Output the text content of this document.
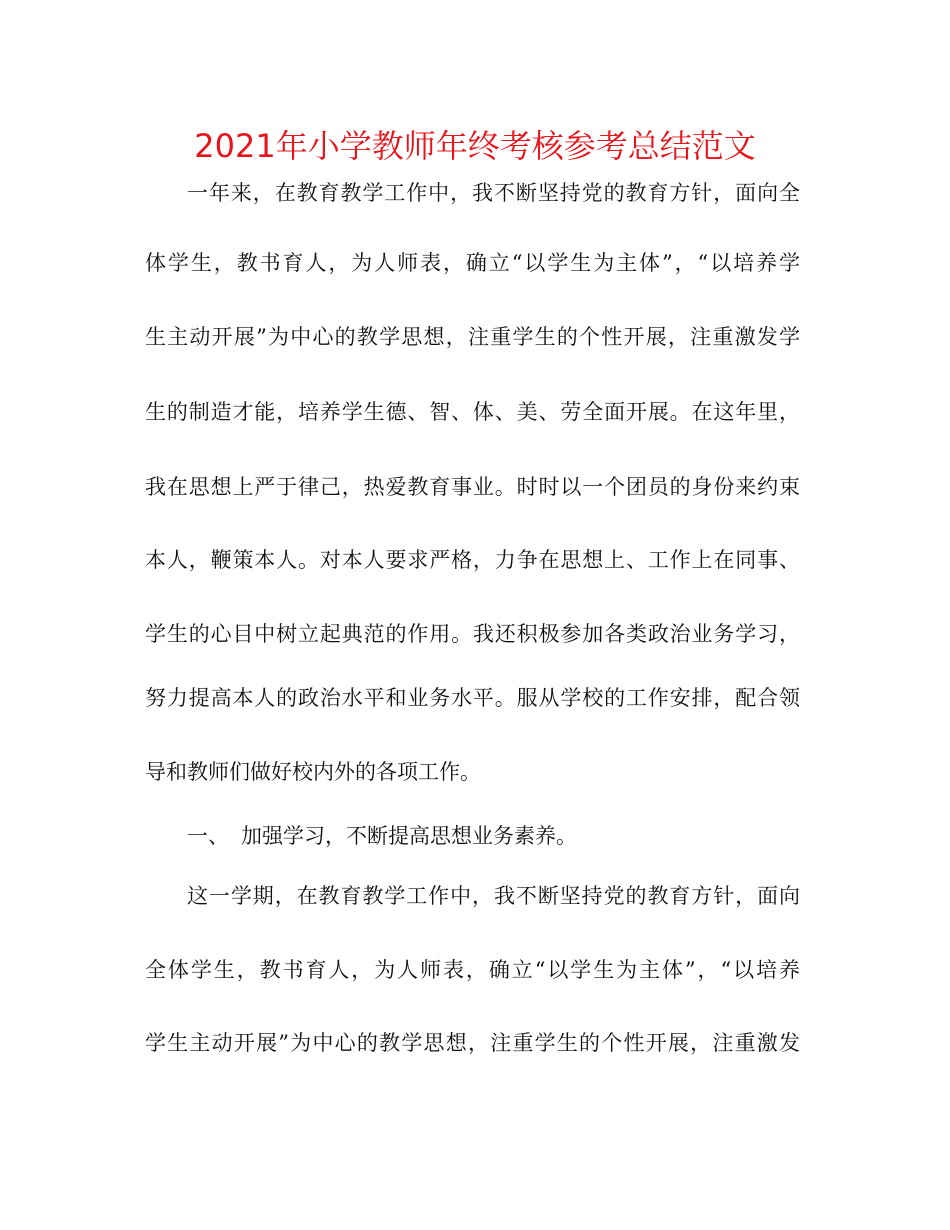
2021年小学教师年终考核参考总结范文

一年来，在教育教学工作中，我不断坚持党的教育方针，面向全

体学生，教书育人，为人师表，确立“以学生为主体”，“以培养学

生主动开展”为中心的教学思想，注重学生的个性开展，注重激发学

生的制造才能，培养学生德、智、体、美、劳全面开展。在这年里，

我在思想上严于律己，热爱教育事业。时时以一个团员的身份来约束

本人，鞭策本人。对本人要求严格，力争在思想上、工作上在同事、

学生的心目中树立起典范的作用。我还积极参加各类政治业务学习，

努力提高本人的政治水平和业务水平。服从学校的工作安排，配合领

导和教师们做好校内外的各项工作。

一、 加强学习，不断提高思想业务素养。

这一学期，在教育教学工作中，我不断坚持党的教育方针，面向

全体学生，教书育人，为人师表，确立“以学生为主体”，“以培养

学生主动开展”为中心的教学思想，注重学生的个性开展，注重激发
